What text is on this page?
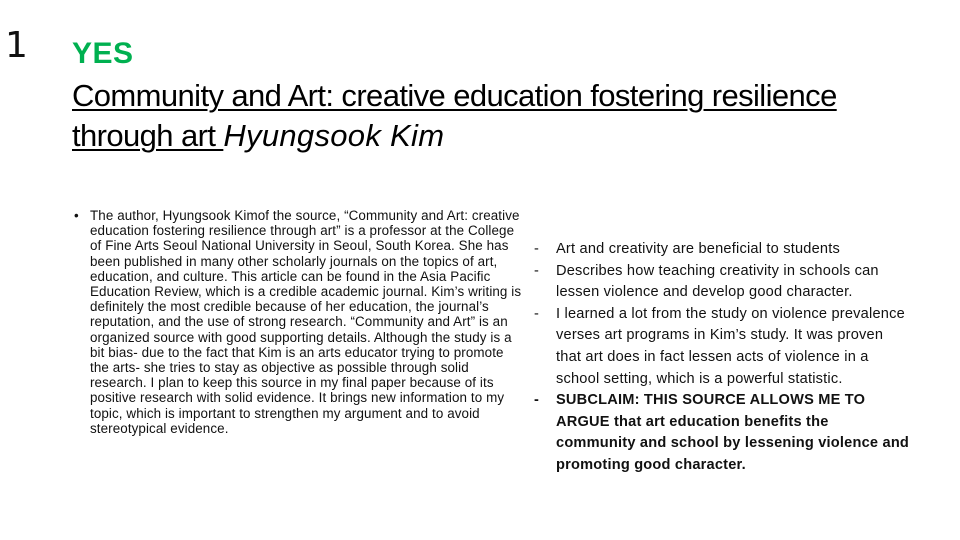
1 YES
Community and Art: creative education fostering resilience through art Hyungsook Kim
• The author, Hyungsook Kimof the source, “Community and Art: creative education fostering resilience through art” is a professor at the College of Fine Arts Seoul National University in Seoul, South Korea. She has been published in many other scholarly journals on the topics of art, education, and culture. This article can be found in the Asia Pacific Education Review, which is a credible academic journal. Kim’s writing is definitely the most credible because of her education, the journal’s reputation, and the use of strong research. “Community and Art” is an organized source with good supporting details. Although the study is a bit bias- due to the fact that Kim is an arts educator trying to promote the arts- she tries to stay as objective as possible through solid research. I plan to keep this source in my final paper because of its positive research with solid evidence. It brings new information to my topic, which is important to strengthen my argument and to avoid stereotypical evidence.
- Art and creativity are beneficial to students
- Describes how teaching creativity in schools can lessen violence and develop good character.
- I learned a lot from the study on violence prevalence verses art programs in Kim’s study. It was proven that art does in fact lessen acts of violence in a school setting, which is a powerful statistic.
- SUBCLAIM: THIS SOURCE ALLOWS ME TO ARGUE that art education benefits the community and school by lessening violence and promoting good character.
